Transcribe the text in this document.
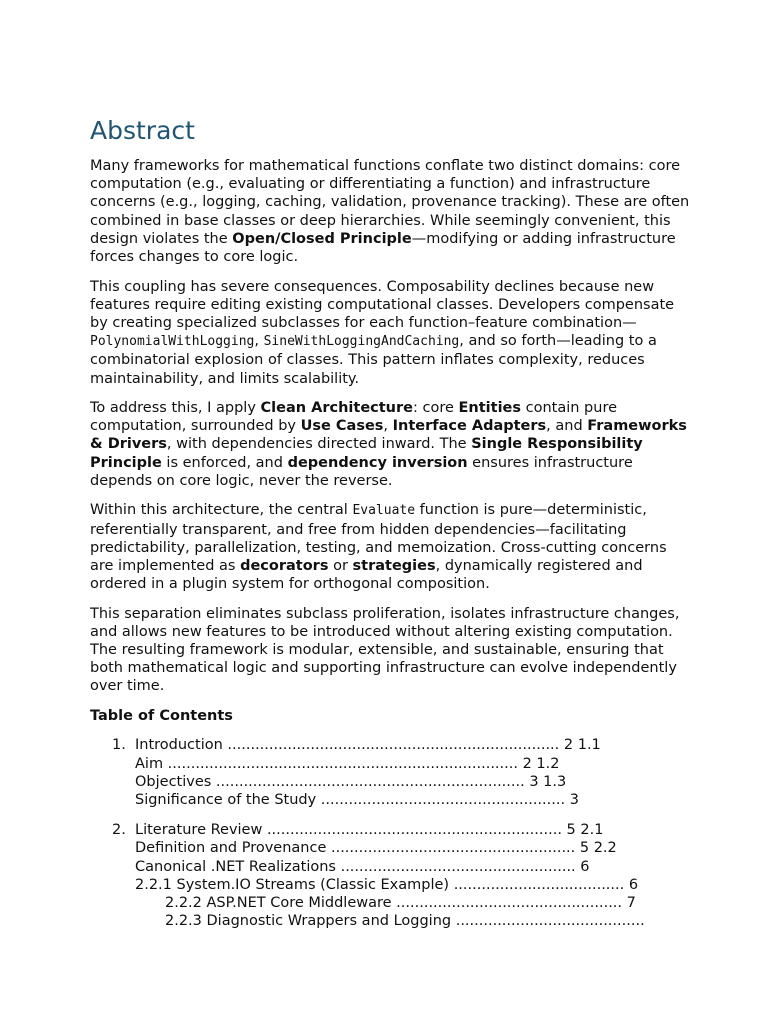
Abstract

Many frameworks for mathematical functions conflate two distinct domains: core computation (e.g., evaluating or differentiating a function) and infrastructure concerns (e.g., logging, caching, validation, provenance tracking). These are often combined in base classes or deep hierarchies. While seemingly convenient, this design violates the Open/Closed Principle—modifying or adding infrastructure forces changes to core logic.

This coupling has severe consequences. Composability declines because new features require editing existing computational classes. Developers compensate by creating specialized subclasses for each function–feature combination—PolynomialWithLogging, SineWithLoggingAndCaching, and so forth—leading to a combinatorial explosion of classes. This pattern inflates complexity, reduces maintainability, and limits scalability.

To address this, I apply Clean Architecture: core Entities contain pure computation, surrounded by Use Cases, Interface Adapters, and Frameworks & Drivers, with dependencies directed inward. The Single Responsibility Principle is enforced, and dependency inversion ensures infrastructure depends on core logic, never the reverse.

Within this architecture, the central Evaluate function is pure—deterministic, referentially transparent, and free from hidden dependencies—facilitating predictability, parallelization, testing, and memoization. Cross-cutting concerns are implemented as decorators or strategies, dynamically registered and ordered in a plugin system for orthogonal composition.

This separation eliminates subclass proliferation, isolates infrastructure changes, and allows new features to be introduced without altering existing computation. The resulting framework is modular, extensible, and sustainable, ensuring that both mathematical logic and supporting infrastructure can evolve independently over time.

Table of Contents
1. Introduction ........................................................................ 2 1.1
Aim ............................................................................ 2 1.2
Objectives ................................................................... 3 1.3
Significance of the Study ..................................................... 3
2. Literature Review ................................................................ 5 2.1
Definition and Provenance ..................................................... 5 2.2
Canonical .NET Realizations ................................................... 6
2.2.1 System.IO Streams (Classic Example) ..................................... 6
2.2.2 ASP.NET Core Middleware ................................................. 7
2.2.3 Diagnostic Wrappers and Logging .........................................
